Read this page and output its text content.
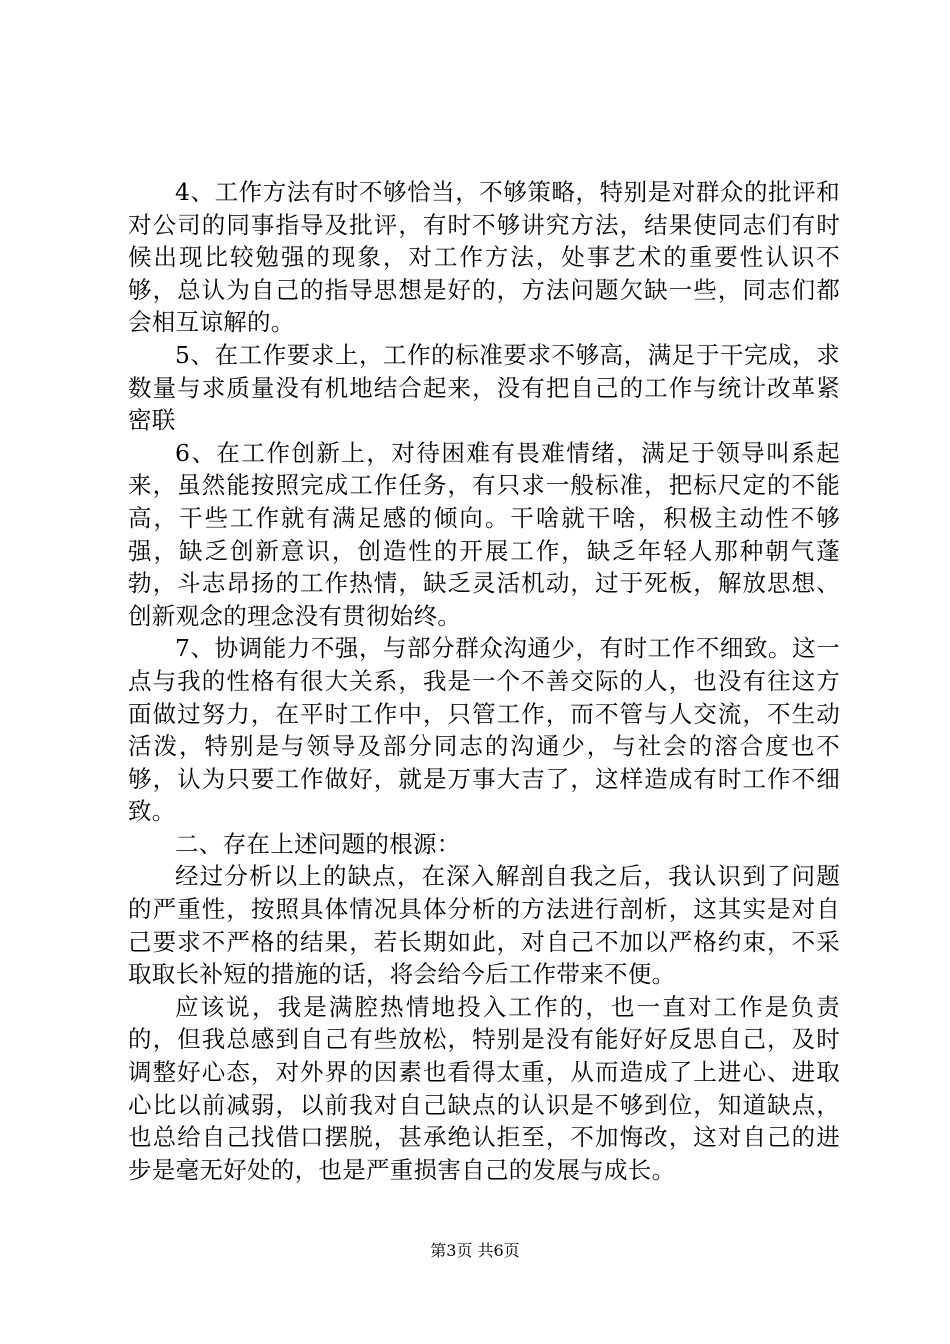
4、工作方法有时不够恰当，不够策略，特别是对群众的批评和对公司的同事指导及批评，有时不够讲究方法，结果使同志们有时候出现比较勉强的现象，对工作方法，处事艺术的重要性认识不够，总认为自己的指导思想是好的，方法问题欠缺一些，同志们都会相互谅解的。

5、在工作要求上，工作的标准要求不够高，满足于干完成，求数量与求质量没有机地结合起来，没有把自己的工作与统计改革紧密联

6、在工作创新上，对待困难有畏难情绪，满足于领导叫系起来，虽然能按照完成工作任务，有只求一般标准，把标尺定的不能高，干些工作就有满足感的倾向。干啥就干啥，积极主动性不够强，缺乏创新意识，创造性的开展工作，缺乏年轻人那种朝气蓬勃，斗志昂扬的工作热情，缺乏灵活机动，过于死板，解放思想、创新观念的理念没有贯彻始终。

7、协调能力不强，与部分群众沟通少，有时工作不细致。这一点与我的性格有很大关系，我是一个不善交际的人，也没有往这方面做过努力，在平时工作中，只管工作，而不管与人交流，不生动活泼，特别是与领导及部分同志的沟通少，与社会的溶合度也不够，认为只要工作做好，就是万事大吉了，这样造成有时工作不细致。

二、存在上述问题的根源：

经过分析以上的缺点，在深入解剖自我之后，我认识到了问题的严重性，按照具体情况具体分析的方法进行剖析，这其实是对自己要求不严格的结果，若长期如此，对自己不加以严格约束，不采取取长补短的措施的话，将会给今后工作带来不便。

应该说，我是满腔热情地投入工作的，也一直对工作是负责的，但我总感到自己有些放松，特别是没有能好好反思自己，及时调整好心态，对外界的因素也看得太重，从而造成了上进心、进取心比以前减弱，以前我对自己缺点的认识是不够到位，知道缺点，也总给自己找借口摆脱，甚承绝认拒至，不加悔改，这对自己的进步是毫无好处的，也是严重损害自己的发展与成长。

第3页 共6页
